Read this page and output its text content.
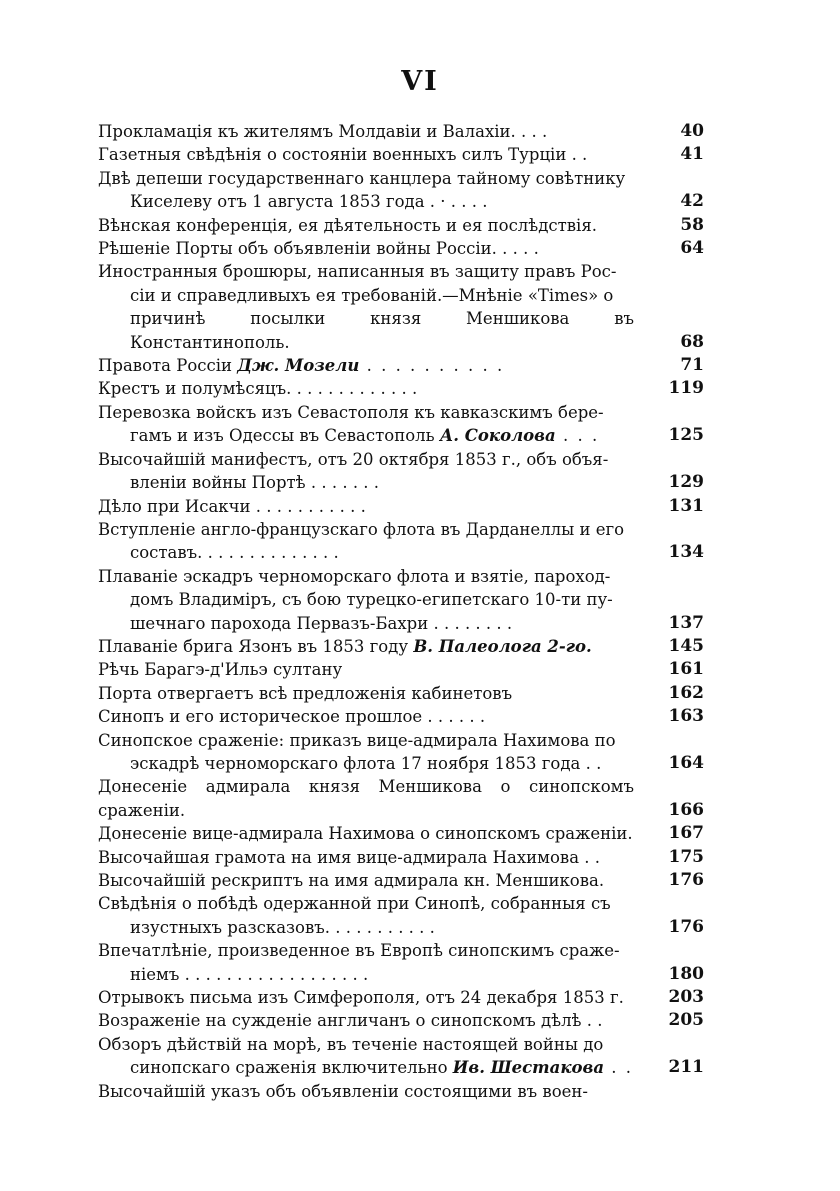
VI
Прокламація къ жителямъ Молдавіи и Валахіи. . . .	40
Газетныя свѣдѣнія о состояніи военныхъ силъ Турціи . .	41
Двѣ депеши государственнаго канцлера тайному совѣтнику
Киселеву отъ 1 августа 1853 года . · . . . .	42
Вѣнская конференція, ея дѣятельность и ея послѣдствія.	58
Рѣшеніе Порты объ объявленіи войны Россіи. . . . .	64
Иностранныя брошюры, написанныя въ защиту правъ Рос-
сіи и справедливыхъ ея требованій.—Мнѣніе «Times» о
причинѣ посылки князя Меншикова въ Константинополь.	68
Правота Россіи Дж. Мозели . . . . . . . . . .	71
Крестъ и полумѣсяцъ. . . . . . . . . . . . .	119
Перевозка войскъ изъ Севастополя къ кавказскимъ бере-
гамъ и изъ Одессы въ Севастополь А. Соколова . . .	125
Высочайшій манифестъ, отъ 20 октября 1853 г., объ объя-
вленіи войны Портѣ . . . . . . .	129
Дѣло при Исакчи . . . . . . . . . . .	131
Вступленіе англо-французскаго флота въ Дарданеллы и его
составъ. . . . . . . . . . . . . .	134
Плаваніе эскадръ черноморскаго флота и взятіе, пароход-
домъ Владиміръ, съ бою турецко-египетскаго 10-ти пу-
шечнаго парохода Первазъ-Бахри . . . . . . . .	137
Плаваніе брига Язонъ въ 1853 году В. Палеолога 2-го.	145
Рѣчь Барагэ-д'Ильэ султану	161
Порта отвергаетъ всѣ предложенія кабинетовъ	162
Синопъ и его историческое прошлое . . . . . .	163
Синопское сраженіе: приказъ вице-адмирала Нахимова по
эскадрѣ черноморскаго флота 17 ноября 1853 года . .	164
Донесеніе адмирала князя Меншикова о синопскомъ сраженіи.	166
Донесеніе вице-адмирала Нахимова о синопскомъ сраженіи.	167
Высочайшая грамота на имя вице-адмирала Нахимова . .	175
Высочайшій рескриптъ на имя адмирала кн. Меншикова.	176
Свѣдѣнія о побѣдѣ одержанной при Синопѣ, собранныя съ
изустныхъ разсказовъ. . . . . . . . . . .	176
Впечатлѣніе, произведенное въ Европѣ синопскимъ сраже-
ніемъ . . . . . . . . . . . . . . . . . .	180
Отрывокъ письма изъ Симферополя, отъ 24 декабря 1853 г.	203
Возраженіе на сужденіе англичанъ о синопскомъ дѣлѣ . .	205
Обзоръ дѣйствій на морѣ, въ теченіе настоящей войны до
синопскаго сраженія включительно Ив. Шестакова . .	211
Высочайшій указъ объ объявленіи состоящими въ воен-
